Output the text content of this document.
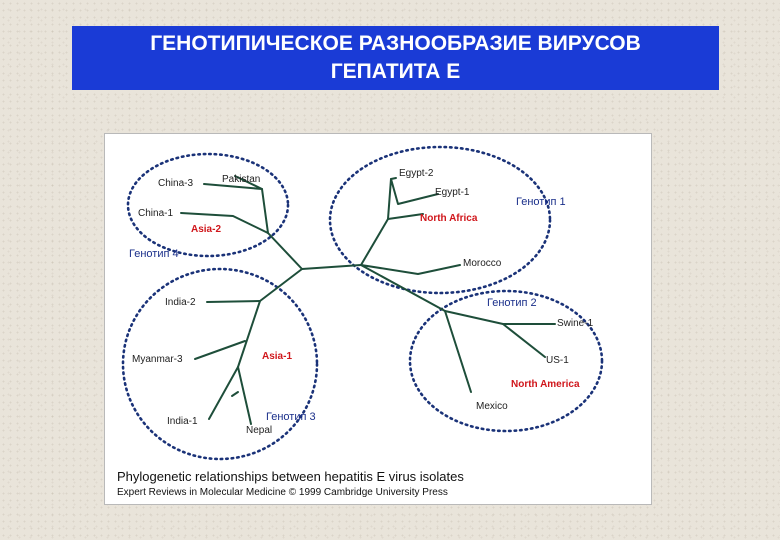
ГЕНОТИПИЧЕСКОЕ РАЗНООБРАЗИЕ ВИРУСОВ
ГЕПАТИТА Е
Pakistan
China-3
China-1
Asia-2
Egypt-2
Egypt-1
North Africa
Morocco
India-2
Myanmar-3	Asia-1
India-1
Nepal
Swine-1
US-1
North America
Mexico
Phylogenetic relationships between hepatitis E virus isolates
Expert Reviews in Molecular Medicine © 1999 Cambridge University Press
Генотип 1
Генотип 4
Генотип 2
Генотип 3
